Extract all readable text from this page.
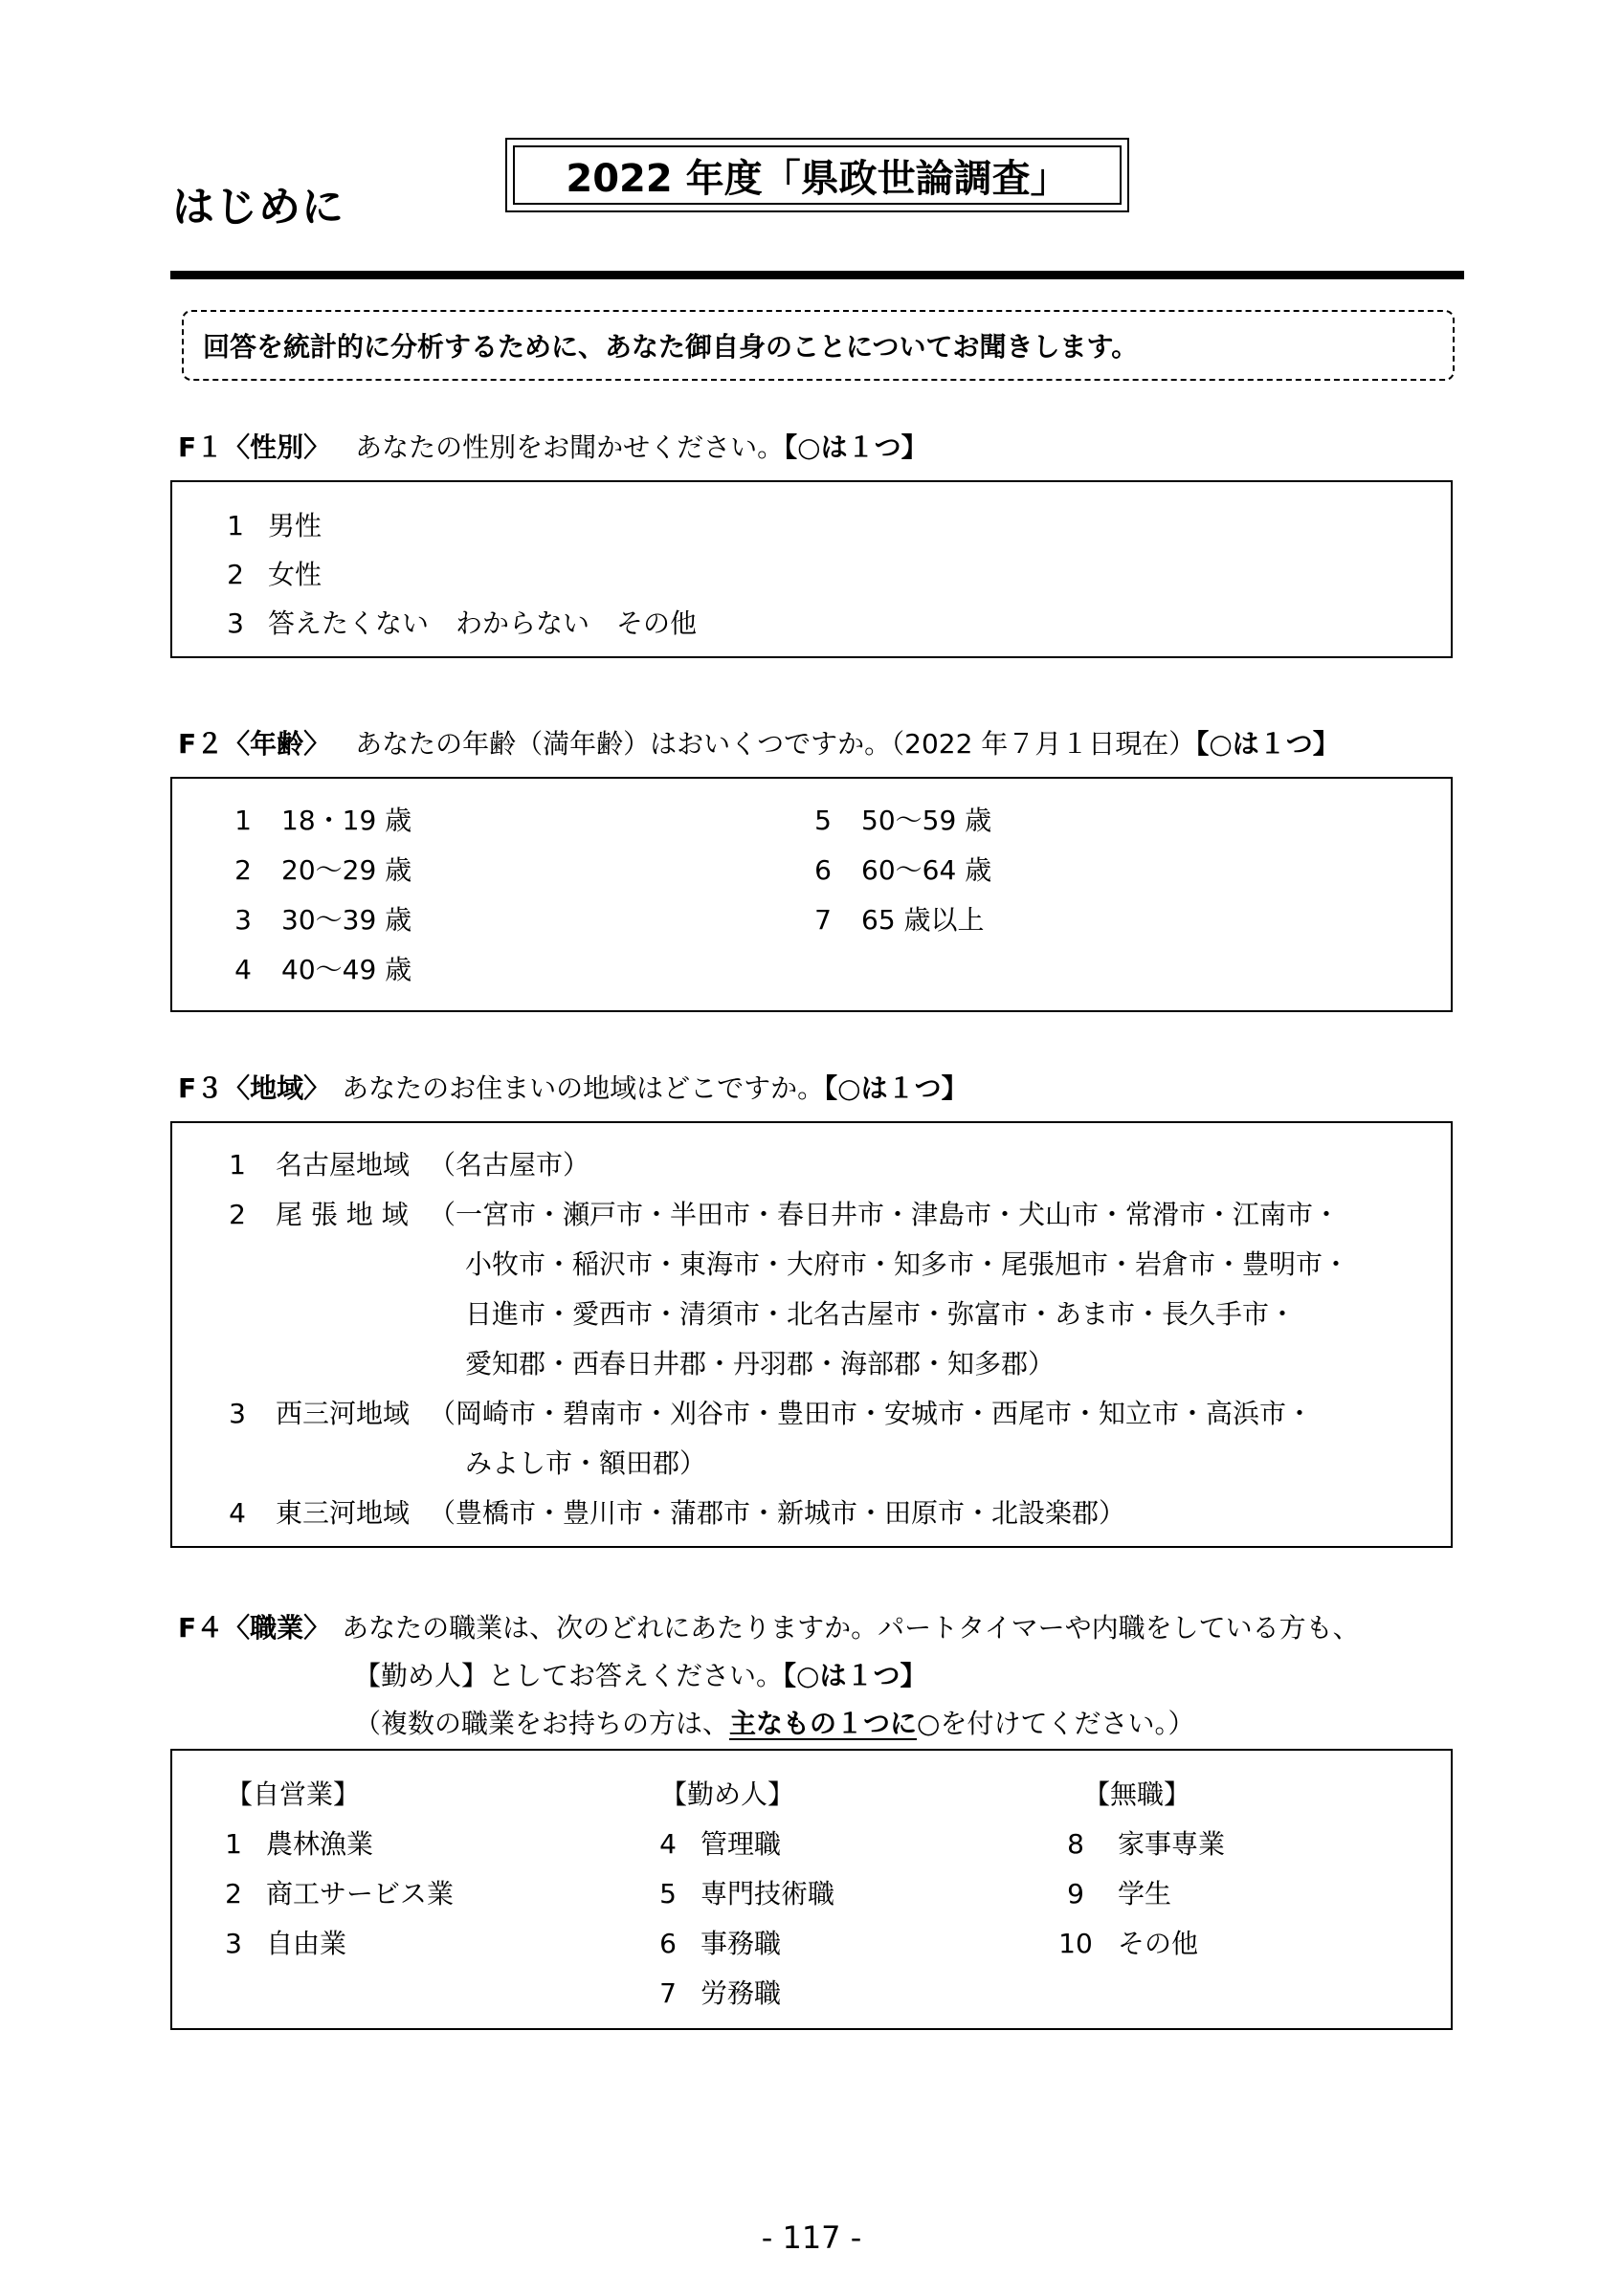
はじめに
2022 年度「県政世論調査」
回答を統計的に分析するために、あなた御自身のことについてお聞きします。
F１〈性別〉 あなたの性別をお聞かせください。【○は１つ】
1 男性
2 女性
3 答えたくない　わからない　その他
F２〈年齢〉 あなたの年齢（満年齢）はおいくつですか。（2022 年７月１日現在）【○は１つ】
1 18・19 歳
2 20～29 歳
3 30～39 歳
4 40～49 歳
5 50～59 歳
6 60～64 歳
7 65 歳以上
F３〈地域〉 あなたのお住まいの地域はどこですか。【○は１つ】
1 名古屋地域 （名古屋市）
2 尾 張 地 域 （一宮市・瀬戸市・半田市・春日井市・津島市・犬山市・常滑市・江南市・
小牧市・稲沢市・東海市・大府市・知多市・尾張旭市・岩倉市・豊明市・
日進市・愛西市・清須市・北名古屋市・弥富市・あま市・長久手市・
愛知郡・西春日井郡・丹羽郡・海部郡・知多郡）
3 西三河地域 （岡崎市・碧南市・刈谷市・豊田市・安城市・西尾市・知立市・高浜市・
みよし市・額田郡）
4 東三河地域 （豊橋市・豊川市・蒲郡市・新城市・田原市・北設楽郡）
F４〈職業〉 あなたの職業は、次のどれにあたりますか。パートタイマーや内職をしている方も、
【勤め人】としてお答えください。【○は１つ】
（複数の職業をお持ちの方は、主なもの１つに○を付けてください。）
【自営業】
1 農林漁業
2 商工サービス業
3 自由業
【勤め人】
4 管理職
5 専門技術職
6 事務職
7 労務職
【無職】
8 家事専業
9 学生
10 その他
- 117 -
